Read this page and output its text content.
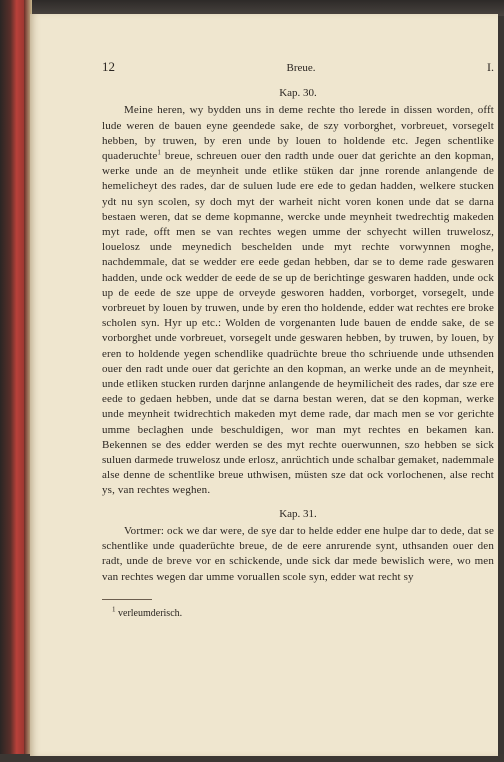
12	Breue.	I.
Kap. 30.

Meine heren, wy bydden uns in deme rechte tho lerede in dissen worden, offt lude weren de bauen eyne geendede sake, de szy vorborghet, vorbreuet, vorsegelt hebben, by truwen, by eren unde by louen to holdende etc. Jegen schentlike quaderuchte$^1$ breue, schreuen ouer den radth unde ouer dat gerichte an den kopman, werke unde an de meynheit unde etlike stüken dar jnne rorende anlangende de hemelicheyt des rades, dar de suluen lude ere ede to gedan hadden, welkere stucken ydt nu syn scolen, sy doch myt der warheit nicht voren konen unde dat se darna bestaen weren, dat se deme kopmanne, wercke unde meynheit twedrechtig makeden myt rade, offt men se van rechtes wegen umme der schyecht willen truwelosz, louelosz unde meynedich beschelden unde myt rechte vorwynnen moghe, nachdemmale, dat se wedder ere eede gedan hebben, dar se to deme rade geswaren hadden, unde ock wedder de eede de se up de berichtinge geswaren hadden, unde ock up de eede de sze uppe de orveyde gesworen hadden, vorborget, vorsegelt, unde vorbreuet by louen by truwen, unde by eren tho holdende, edder wat rechtes ere broke scholen syn. Hyr up etc.: Wolden de vorgenanten lude bauen de endde sake, de se vorborghet unde vorbreuet, vorsegelt unde geswaren hebben, by truwen, by louen, by eren to holdende yegen schendlike quadrüchte breue tho schriuende unde uthsenden ouer den radt unde ouer dat gerichte an den kopman, an werke unde an de meynheit, unde etliken stucken rurden darjnne anlangende de heymilicheit des rades, dar sze ere eede to gedaen hebben, unde dat se darna bestan weren, dat se den kopman, werke unde meynheit twidrechtich makeden myt deme rade, dar mach men se vor gerichte umme beclaghen unde beschuldigen, wor man myt rechtes en bekamen kan. Bekennen se des edder werden se des myt rechte ouerwunnen, szo hebben se sick suluen darmede truwelosz unde erlosz, anrüchtich unde schalbar gemaket, nademmale alse denne de schentlike breue uthwisen, müsten sze dat ock vorlochenen, alse recht ys, van rechtes weghen.

Kap. 31.

Vortmer: ock we dar were, de sye dar to helde edder ene hulpe dar to dede, dat se schentlike unde quaderüchte breue, de de eere anrurende synt, uthsanden ouer den radt, unde de breve vor en schickende, unde sick dar mede bewislich were, wo men van rechtes wegen dar umme voruallen scole syn, edder wat recht sy

$^1$ verleumderisch.
